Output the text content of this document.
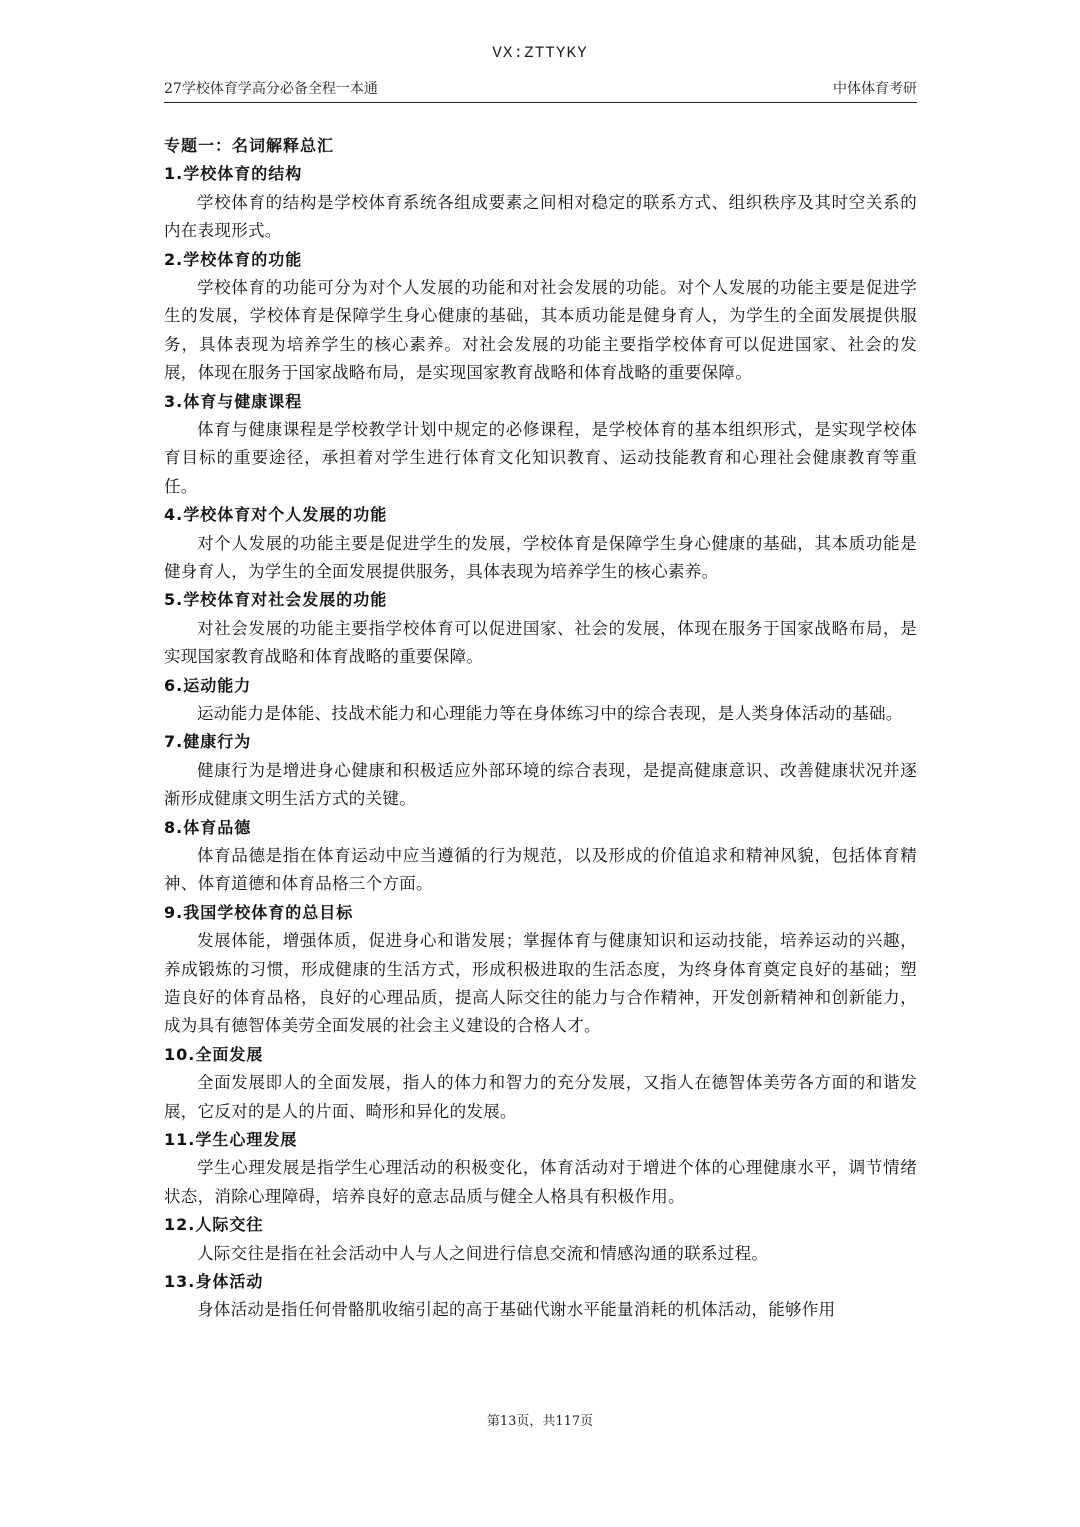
VX:ZTTYKY
27学校体育学高分必备全程一本通	中体体育考研
专题一：名词解释总汇
1.学校体育的结构

学校体育的结构是学校体育系统各组成要素之间相对稳定的联系方式、组织秩序及其时空关系的内在表现形式。

2.学校体育的功能

学校体育的功能可分为对个人发展的功能和对社会发展的功能。对个人发展的功能主要是促进学生的发展，学校体育是保障学生身心健康的基础，其本质功能是健身育人，为学生的全面发展提供服务，具体表现为培养学生的核心素养。对社会发展的功能主要指学校体育可以促进国家、社会的发展，体现在服务于国家战略布局，是实现国家教育战略和体育战略的重要保障。

3.体育与健康课程

体育与健康课程是学校教学计划中规定的必修课程，是学校体育的基本组织形式，是实现学校体育目标的重要途径，承担着对学生进行体育文化知识教育、运动技能教育和心理社会健康教育等重任。

4.学校体育对个人发展的功能

对个人发展的功能主要是促进学生的发展，学校体育是保障学生身心健康的基础，其本质功能是健身育人，为学生的全面发展提供服务，具体表现为培养学生的核心素养。

5.学校体育对社会发展的功能

对社会发展的功能主要指学校体育可以促进国家、社会的发展，体现在服务于国家战略布局，是实现国家教育战略和体育战略的重要保障。

6.运动能力

运动能力是体能、技战术能力和心理能力等在身体练习中的综合表现，是人类身体活动的基础。

7.健康行为

健康行为是增进身心健康和积极适应外部环境的综合表现，是提高健康意识、改善健康状况并逐渐形成健康文明生活方式的关键。

8.体育品德

体育品德是指在体育运动中应当遵循的行为规范，以及形成的价值追求和精神风貌，包括体育精神、体育道德和体育品格三个方面。

9.我国学校体育的总目标

发展体能，增强体质，促进身心和谐发展；掌握体育与健康知识和运动技能，培养运动的兴趣，养成锻炼的习惯，形成健康的生活方式，形成积极进取的生活态度，为终身体育奠定良好的基础；塑造良好的体育品格，良好的心理品质，提高人际交往的能力与合作精神，开发创新精神和创新能力，成为具有德智体美劳全面发展的社会主义建设的合格人才。

10.全面发展

全面发展即人的全面发展，指人的体力和智力的充分发展，又指人在德智体美劳各方面的和谐发展，它反对的是人的片面、畸形和异化的发展。

11.学生心理发展

学生心理发展是指学生心理活动的积极变化，体育活动对于增进个体的心理健康水平，调节情绪状态，消除心理障碍，培养良好的意志品质与健全人格具有积极作用。

12.人际交往

人际交往是指在社会活动中人与人之间进行信息交流和情感沟通的联系过程。

13.身体活动

身体活动是指任何骨骼肌收缩引起的高于基础代谢水平能量消耗的机体活动，能够作用

第13页，共117页
